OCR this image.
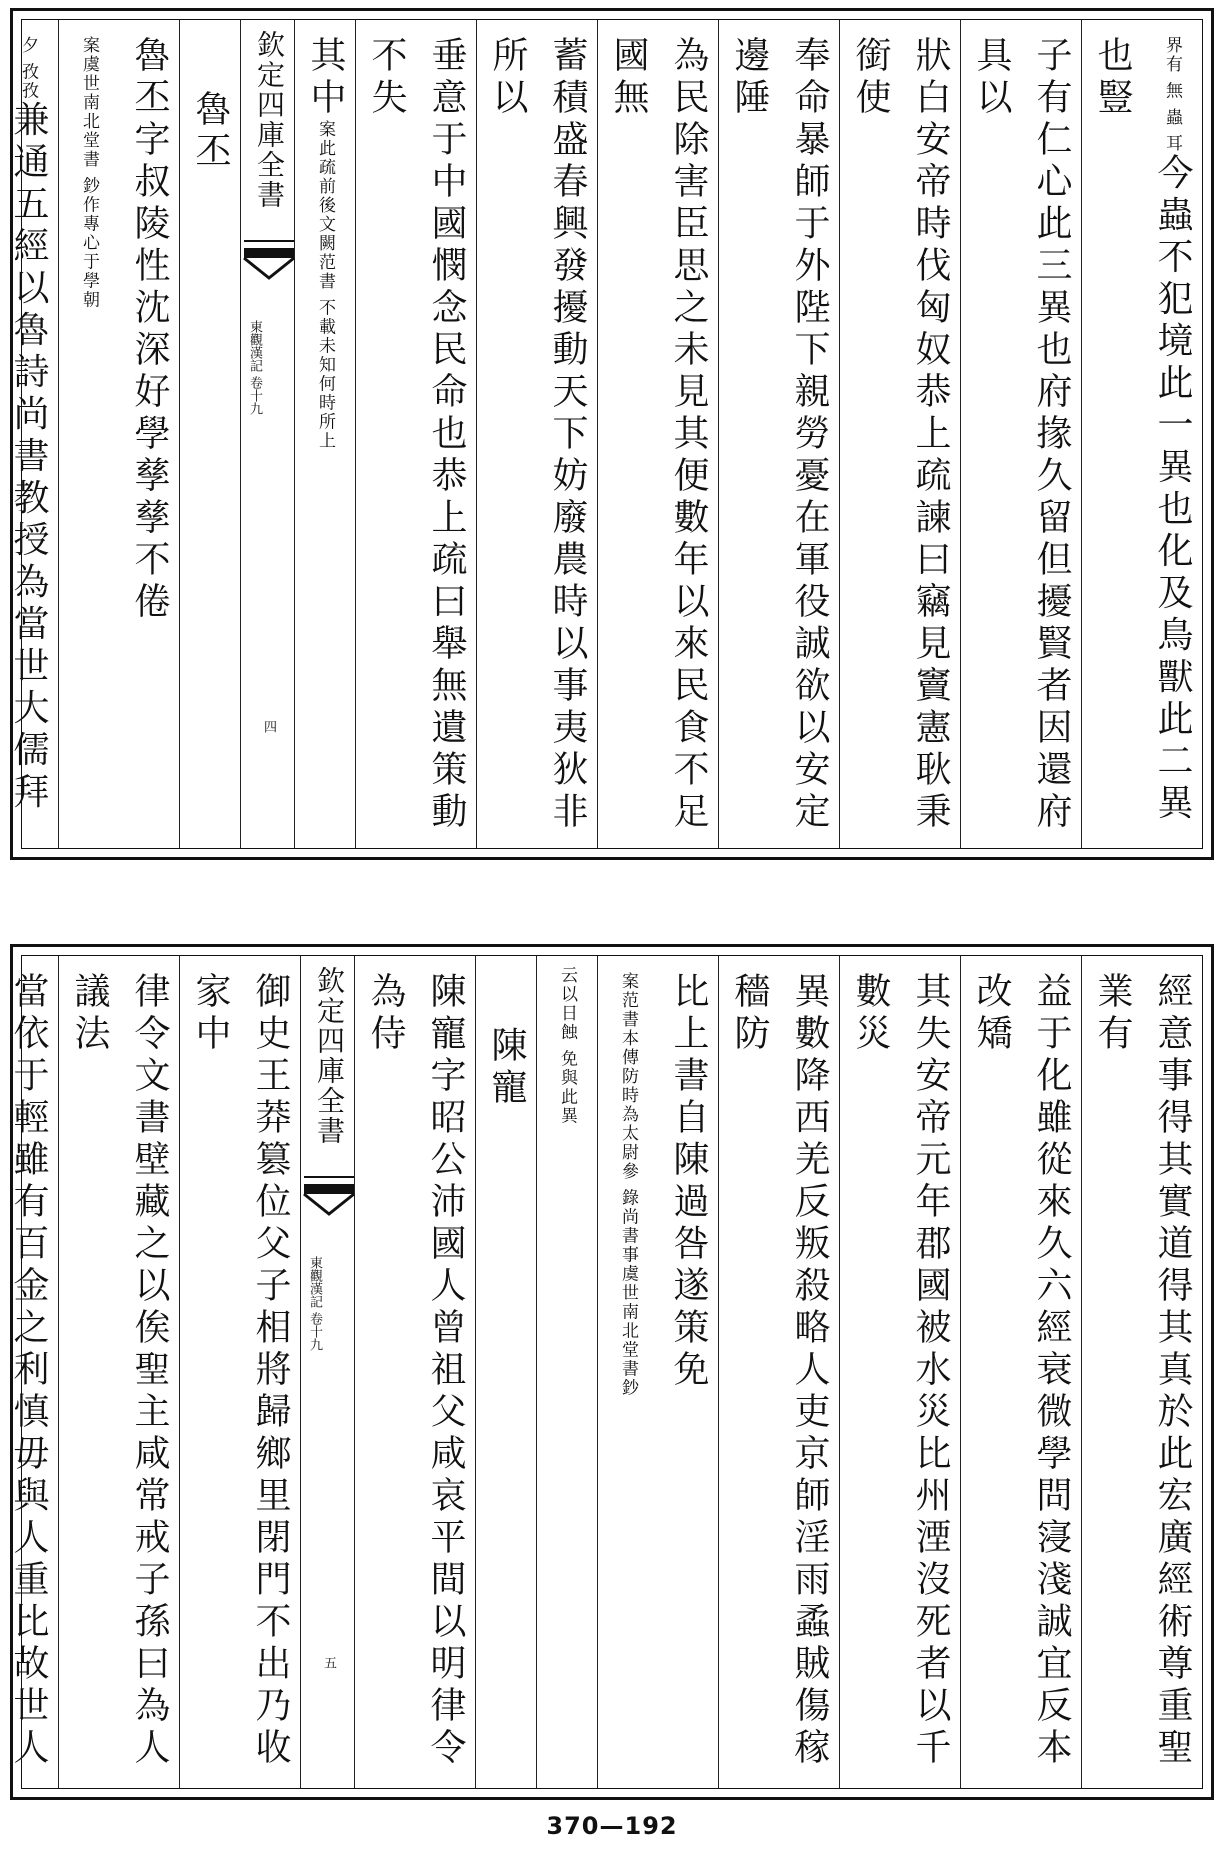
界有 無 蟲 耳今蟲不犯境此一異也化及鳥獸此二異也豎
子有仁心此三異也府掾久留但擾賢者因還府具以
狀白安帝時伐匈奴恭上疏諫曰竊見竇憲耿秉銜使
奉命暴師于外陛下親勞憂在軍役誠欲以安定邊陲
為民除害臣思之未見其便數年以來民食不足國無
蓄積盛春興發擾動天下妨廢農時以事夷狄非所以
垂意于中國憫念民命也恭上疏曰舉無遺策動不失
其中案此疏前後文闕范書 不載未知何時所上
欽定四庫全書
東觀漢記 卷十九
四
魯丕
魯丕字叔陵性沈深好學孳孳不倦案虞世南北堂書 鈔作專心于學朝
夕 孜孜兼通五經以魯詩尚書教授為當世大儒拜
經意事得其實道得其真於此宏廣經術尊重聖業有
益于化雖從來久六經衰微學問寖淺誠宜反本改矯
其失安帝元年郡國被水災比州湮沒死者以千數災
異數降西羌反叛殺略人吏京師淫雨蟊賊傷稼穡防
比上書自陳過咎遂策免案范書本傳防時為太尉參 錄尚書事虞世南北堂書鈔
云以日蝕 免與此異
陳寵
陳寵字昭公沛國人曾祖父咸哀平間以明律令為侍
欽定四庫全書
東觀漢記 卷十九
五
御史王莽篡位父子相將歸鄉里閉門不出乃收家中
律令文書壁藏之以俟聖主咸常戒子孫曰為人議法
當依于輕雖有百金之利慎毋與人重比故世人
370—192
